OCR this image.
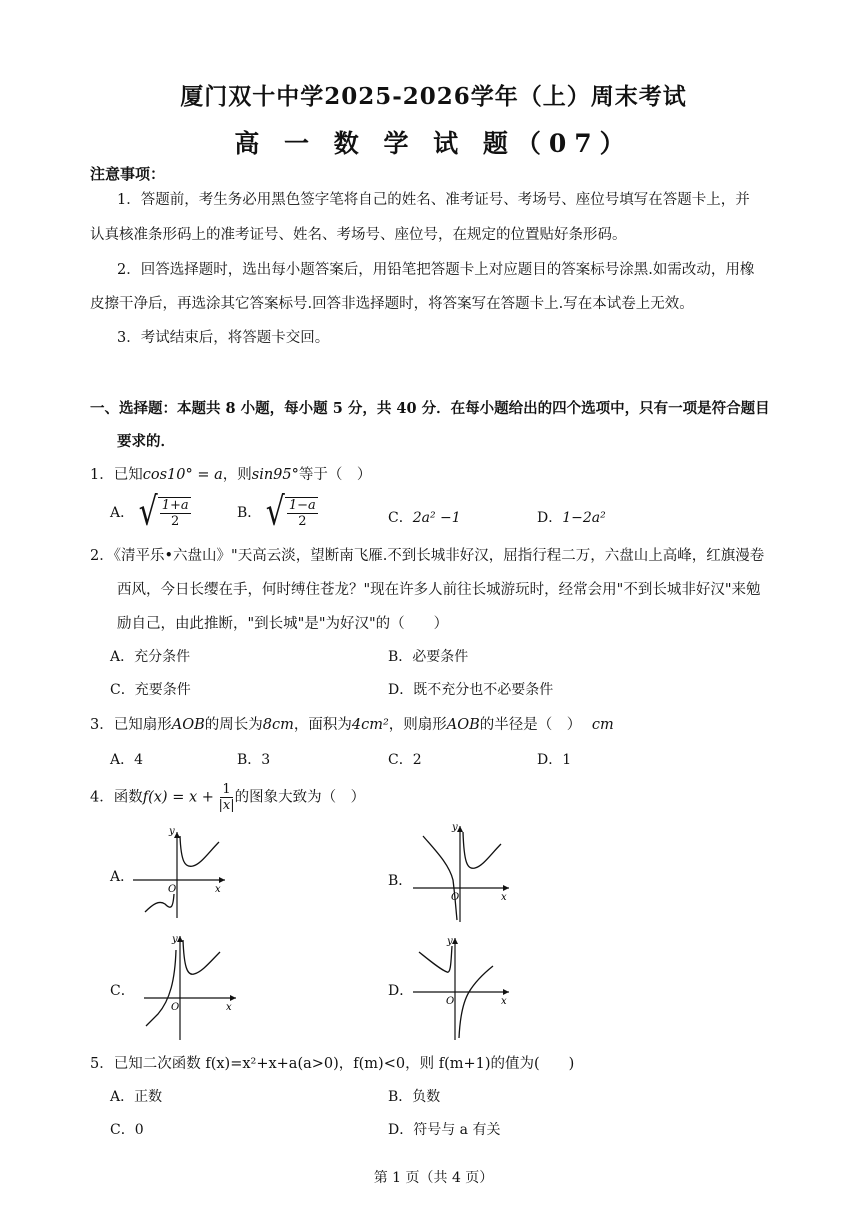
厦门双十中学2025-2026学年（上）周末考试
高 一 数 学 试 题（07）
注意事项：
1．答题前，考生务必用黑色签字笔将自己的姓名、准考证号、考场号、座位号填写在答题卡上，并
认真核准条形码上的准考证号、姓名、考场号、座位号，在规定的位置贴好条形码。
2．回答选择题时，选出每小题答案后，用铅笔把答题卡上对应题目的答案标号涂黑.如需改动，用橡
皮擦干净后，再选涂其它答案标号.回答非选择题时，将答案写在答题卡上.写在本试卷上无效。
3．考试结束后，将答题卡交回。
一、选择题：本题共 8 小题，每小题 5 分，共 40 分．在每小题给出的四个选项中，只有一项是符合题目
要求的．
1．已知cos10° = a，则sin95°等于（　）
A． √ $\frac{1+a}{2}$	B． √ $\frac{1-a}{2}$	C．2a² −1	D．1−2a²
2．《清平乐•六盘山》"天高云淡，望断南飞雁.不到长城非好汉，屈指行程二万，六盘山上高峰，红旗漫卷
西风，今日长缨在手，何时缚住苍龙？"现在许多人前往长城游玩时，经常会用"不到长城非好汉"来勉
励自己，由此推断，"到长城"是"为好汉"的（　　）
A．充分条件	B．必要条件
C．充要条件	D．既不充分也不必要条件
3．已知扇形AOB的周长为8cm，面积为4cm²，则扇形AOB的半径是（　） cm
A．4	B．3	C．2	D．1
4．函数$f(x) = x + \frac{1}{|x|}$ 的图象大致为（　）
A．
y
x
O
B．
y
x
O
C．
y
x
O
D．
y
x
O
5．已知二次函数 f(x)=x²+x+a(a>0)，f(m)<0，则 f(m+1)的值为(　　)
A．正数	B．负数
C．0	D．符号与 a 有关
第 1 页（共 4 页）
